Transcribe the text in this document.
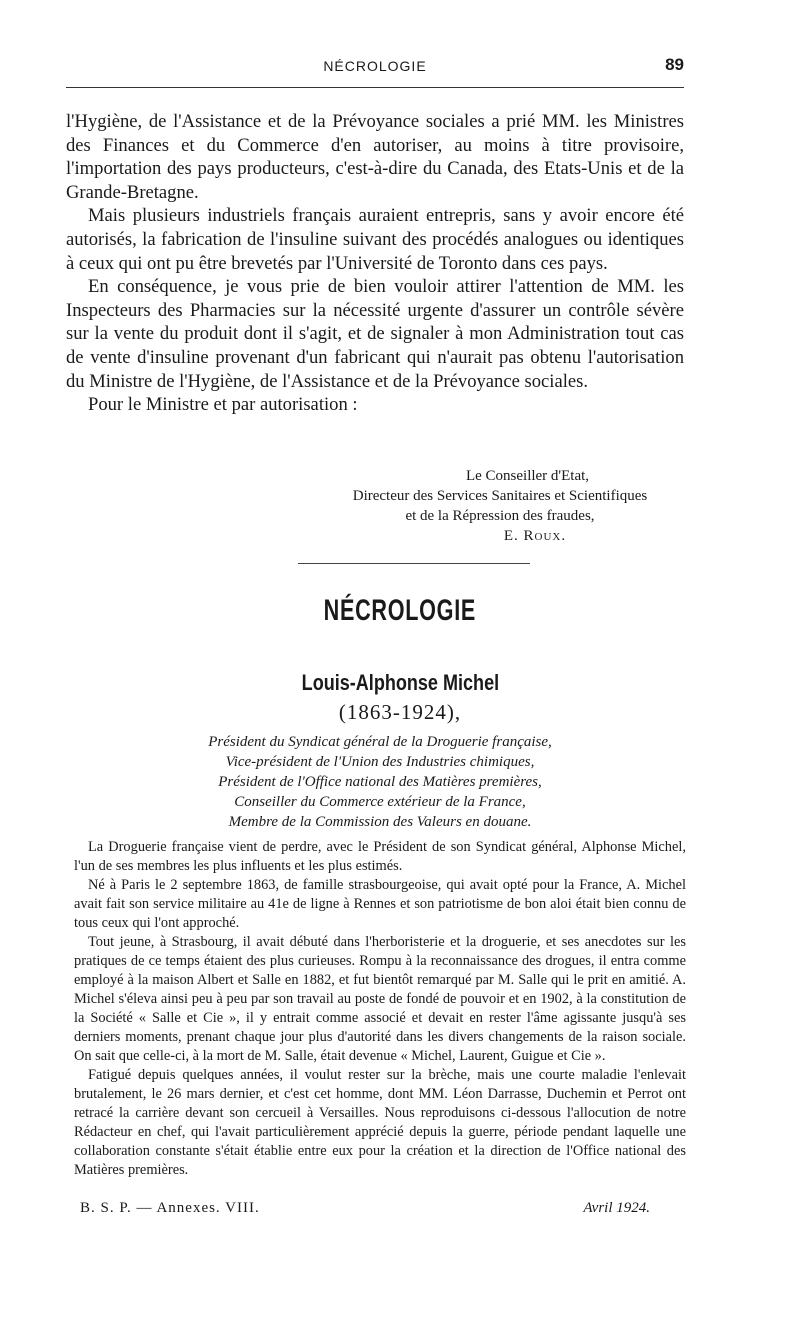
NÉCROLOGIE	89

l'Hygiène, de l'Assistance et de la Prévoyance sociales a prié MM. les Ministres des Finances et du Commerce d'en autoriser, au moins à titre provisoire, l'importation des pays producteurs, c'est-à-dire du Canada, des Etats-Unis et de la Grande-Bretagne.

Mais plusieurs industriels français auraient entrepris, sans y avoir encore été autorisés, la fabrication de l'insuline suivant des procédés analogues ou identiques à ceux qui ont pu être brevetés par l'Université de Toronto dans ces pays.

En conséquence, je vous prie de bien vouloir attirer l'attention de MM. les Inspecteurs des Pharmacies sur la nécessité urgente d'assurer un contrôle sévère sur la vente du produit dont il s'agit, et de signaler à mon Administration tout cas de vente d'insuline provenant d'un fabricant qui n'aurait pas obtenu l'autorisation du Ministre de l'Hygiène, de l'Assistance et de la Prévoyance sociales.

Pour le Ministre et par autorisation :

Le Conseiller d'Etat,
Directeur des Services Sanitaires et Scientifiques
et de la Répression des fraudes,
E. Roux.
NÉCROLOGIE
Louis-Alphonse Michel
(1863-1924),
Président du Syndicat général de la Droguerie française,
Vice-président de l'Union des Industries chimiques,
Président de l'Office national des Matières premières,
Conseiller du Commerce extérieur de la France,
Membre de la Commission des Valeurs en douane.

La Droguerie française vient de perdre, avec le Président de son Syndicat général, Alphonse Michel, l'un de ses membres les plus influents et les plus estimés.

Né à Paris le 2 septembre 1863, de famille strasbourgeoise, qui avait opté pour la France, A. Michel avait fait son service militaire au 41e de ligne à Rennes et son patriotisme de bon aloi était bien connu de tous ceux qui l'ont approché.

Tout jeune, à Strasbourg, il avait débuté dans l'herboristerie et la droguerie, et ses anecdotes sur les pratiques de ce temps étaient des plus curieuses. Rompu à la reconnaissance des drogues, il entra comme employé à la maison Albert et Salle en 1882, et fut bientôt remarqué par M. Salle qui le prit en amitié. A. Michel s'éleva ainsi peu à peu par son travail au poste de fondé de pouvoir et en 1902, à la constitution de la Société « Salle et Cie », il y entrait comme associé et devait en rester l'âme agissante jusqu'à ses derniers moments, prenant chaque jour plus d'autorité dans les divers changements de la raison sociale. On sait que celle-ci, à la mort de M. Salle, était devenue « Michel, Laurent, Guigue et Cie ».

Fatigué depuis quelques années, il voulut rester sur la brèche, mais une courte maladie l'enlevait brutalement, le 26 mars dernier, et c'est cet homme, dont MM. Léon Darrasse, Duchemin et Perrot ont retracé la carrière devant son cercueil à Versailles. Nous reproduisons ci-dessous l'allocution de notre Rédacteur en chef, qui l'avait particulièrement apprécié depuis la guerre, période pendant laquelle une collaboration constante s'était établie entre eux pour la création et la direction de l'Office national des Matières premières.

B. S. P. — Annexes. VIII.	Avril 1924.
